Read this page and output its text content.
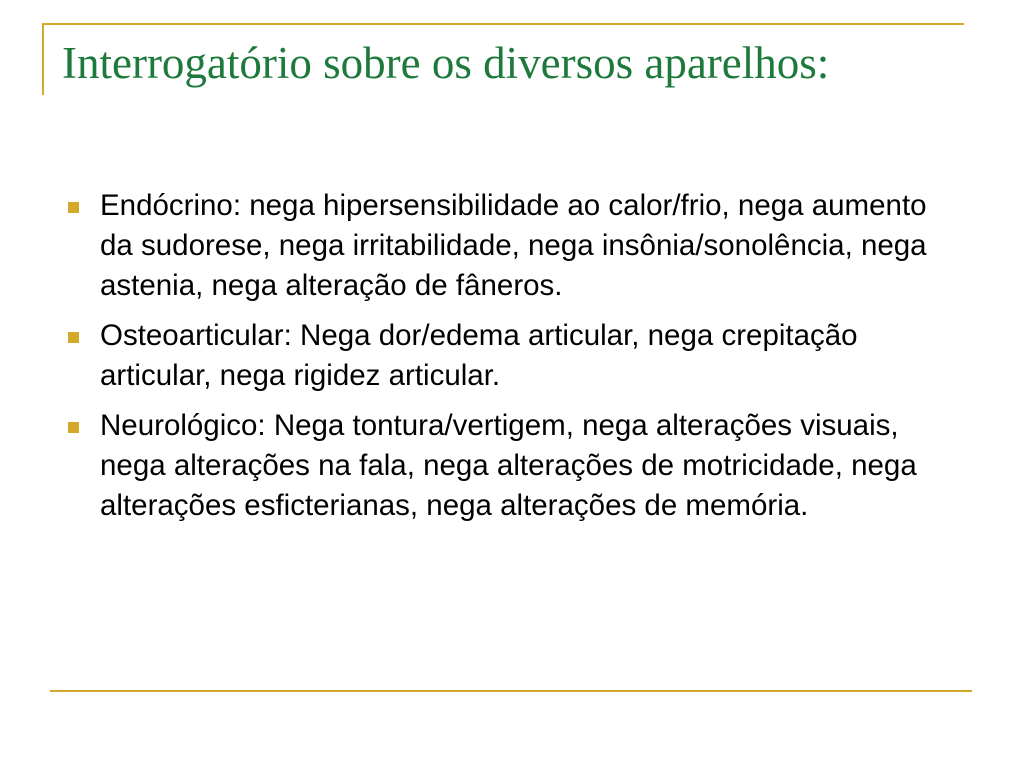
Interrogatório sobre os diversos aparelhos:
Endócrino: nega hipersensibilidade ao calor/frio, nega aumento da sudorese, nega irritabilidade, nega insônia/sonolência, nega astenia, nega alteração de fâneros.
Osteoarticular: Nega dor/edema articular, nega crepitação articular, nega rigidez articular.
Neurológico: Nega tontura/vertigem, nega alterações visuais, nega alterações na fala, nega alterações de motricidade, nega alterações esficterianas, nega alterações de memória.
